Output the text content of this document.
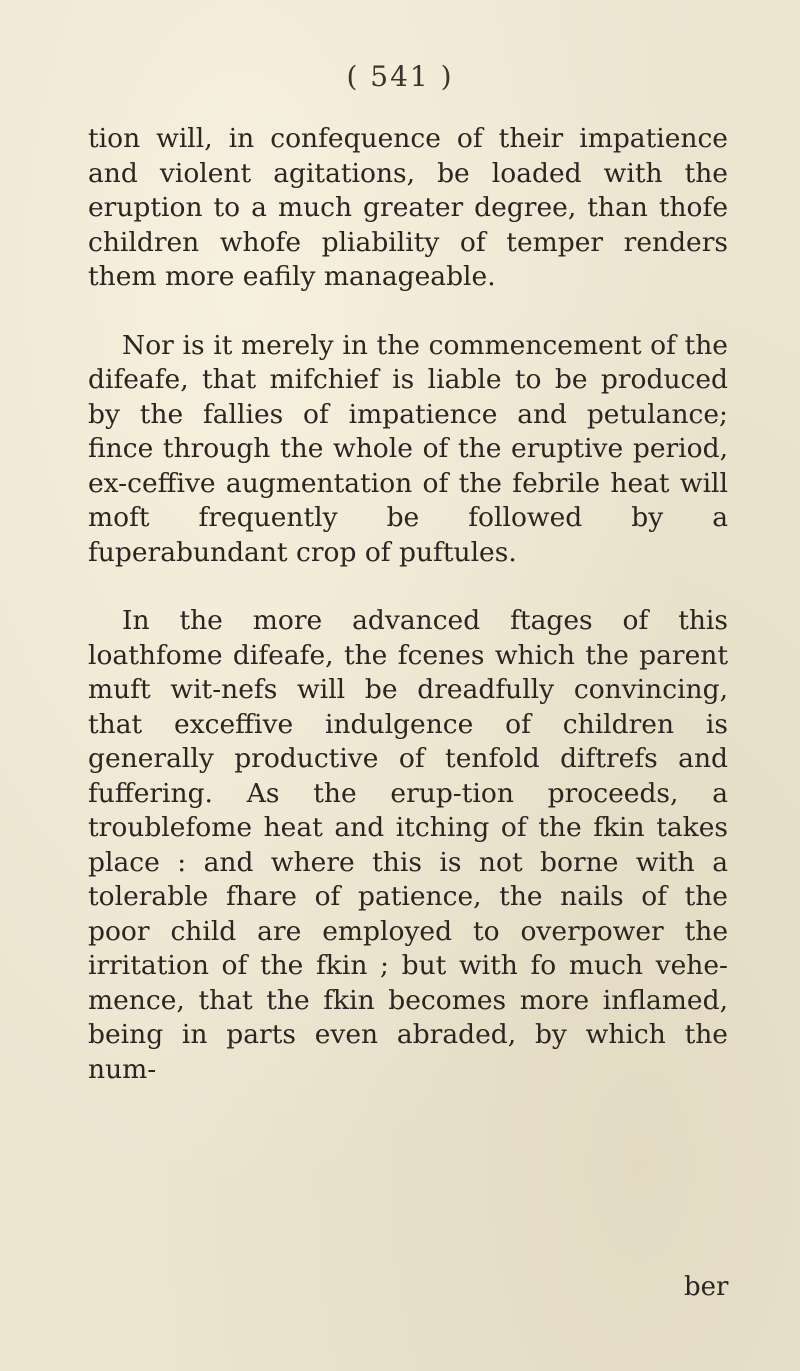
( 541 )

tion will, in confequence of their impatience and violent agitations, be loaded with the eruption to a much greater degree, than thofe children whofe pliability of temper renders them more eafily manageable.

Nor is it merely in the commencement of the difeafe, that mifchief is liable to be produced by the fallies of impatience and petulance; fince through the whole of the eruptive period, ex-ceffive augmentation of the febrile heat will moft frequently be followed by a fuperabundant crop of puftules.

In the more advanced ftages of this loathfome difeafe, the fcenes which the parent muft wit-nefs will be dreadfully convincing, that exceffive indulgence of children is generally productive of tenfold diftrefs and fuffering. As the erup-tion proceeds, a troublefome heat and itching of the fkin takes place : and where this is not borne with a tolerable fhare of patience, the nails of the poor child are employed to overpower the irritation of the fkin ; but with fo much vehe-mence, that the fkin becomes more inflamed, being in parts even abraded, by which the num-

ber
